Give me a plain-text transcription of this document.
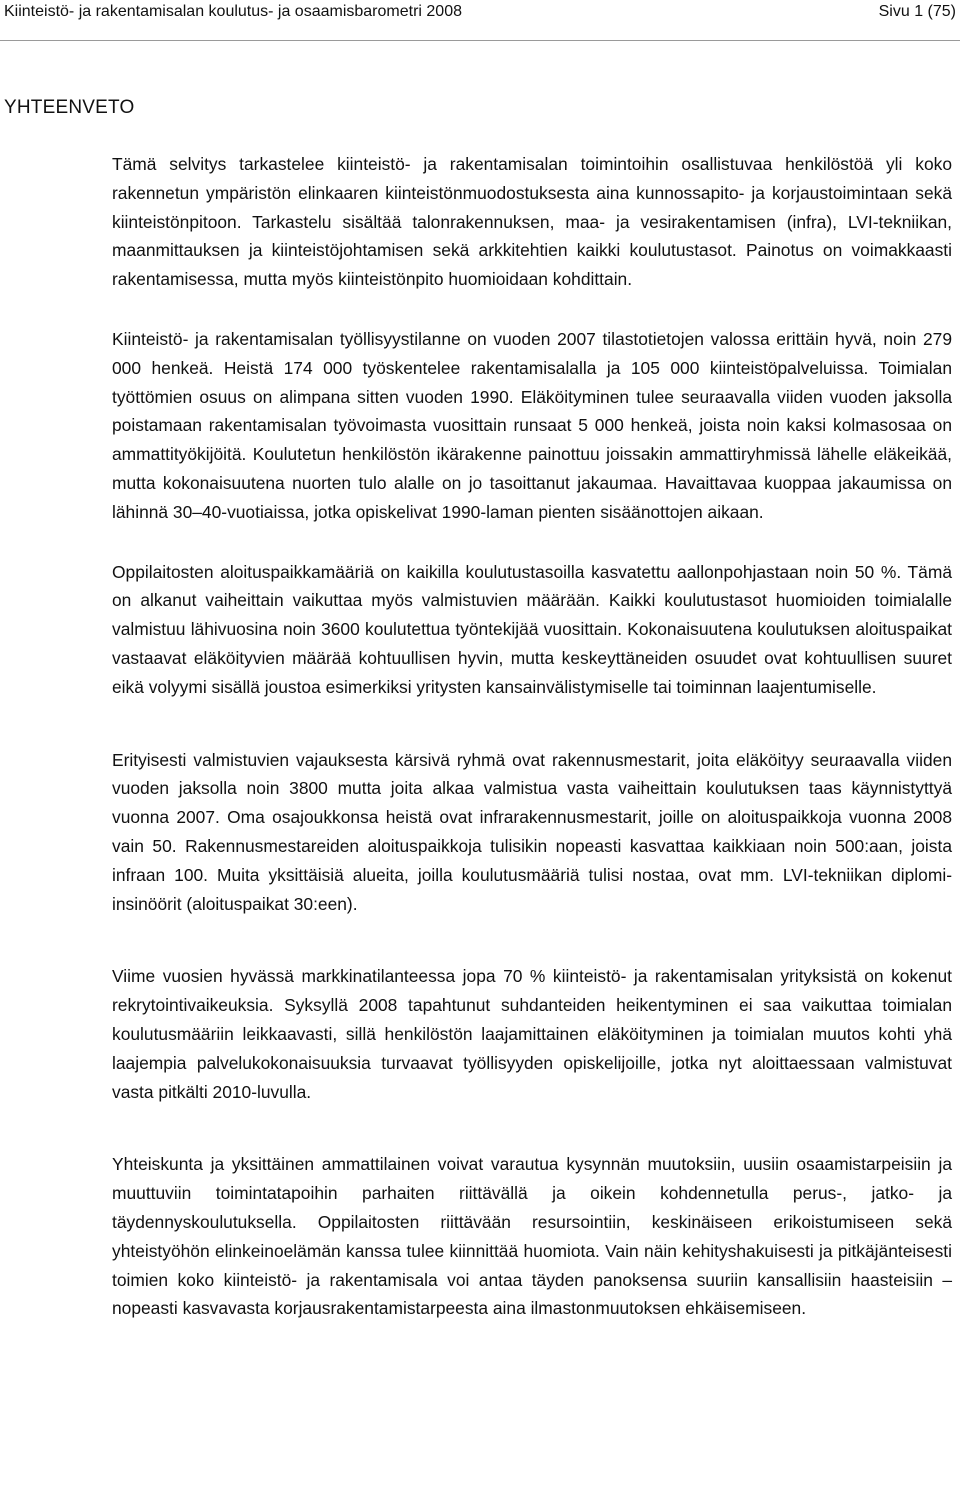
Kiinteistö- ja rakentamisalan koulutus- ja osaamisbarometri 2008	Sivu 1 (75)
YHTEENVETO

Tämä selvitys tarkastelee kiinteistö- ja rakentamisalan toimintoihin osallistuvaa henkilöstöä yli koko rakennetun ympäristön elinkaaren kiinteistönmuodostuksesta aina kunnossapito- ja korjaustoimintaan sekä kiinteistönpitoon. Tarkastelu sisältää talonrakennuksen, maa- ja vesirakentamisen (infra), LVI-tekniikan, maanmittauksen ja kiinteistöjohtamisen sekä arkkitehtien kaikki koulutustasot. Painotus on voimakkaasti rakentamisessa, mutta myös kiinteistönpito huomioidaan kohdittain.

Kiinteistö- ja rakentamisalan työllisyystilanne on vuoden 2007 tilastotietojen valossa erittäin hyvä, noin 279 000 henkeä. Heistä 174 000 työskentelee rakentamisalalla ja 105 000 kiinteistöpalveluissa. Toimialan työttömien osuus on alimpana sitten vuoden 1990. Eläköityminen tulee seuraavalla viiden vuoden jaksolla poistamaan rakentamisalan työvoimasta vuosittain runsaat 5 000 henkeä, joista noin kaksi kolmasosaa on ammattityökijöitä. Koulutetun henkilöstön ikärakenne painottuu joissakin ammattiryhmissä lähelle eläkeikää, mutta kokonaisuutena nuorten tulo alalle on jo tasoittanut jakaumaa. Havaittavaa kuoppaa jakaumissa on lähinnä 30–40-vuotiaissa, jotka opiskelivat 1990-laman pienten sisäänottojen aikaan.

Oppilaitosten aloituspaikkamääriä on kaikilla koulutustasoilla kasvatettu aallonpohjastaan noin 50 %. Tämä on alkanut vaiheittain vaikuttaa myös valmistuvien määrään. Kaikki koulutustasot huomioiden toimialalle valmistuu lähivuosina noin 3600 koulutettua työntekijää vuosittain. Kokonaisuutena koulutuksen aloituspaikat vastaavat eläköityvien määrää kohtuullisen hyvin, mutta keskeyttäneiden osuudet ovat kohtuullisen suuret eikä volyymi sisällä joustoa esimerkiksi yritysten kansainvälistymiselle tai toiminnan laajentumiselle.

Erityisesti valmistuvien vajauksesta kärsivä ryhmä ovat rakennusmestarit, joita eläköityy seuraavalla viiden vuoden jaksolla noin 3800 mutta joita alkaa valmistua vasta vaiheittain koulutuksen taas käynnistyttyä vuonna 2007. Oma osajoukkonsa heistä ovat infrarakennusmestarit, joille on aloituspaikkoja vuonna 2008 vain 50. Rakennusmestareiden aloituspaikkoja tulisikin nopeasti kasvattaa kaikkiaan noin 500:aan, joista infraan 100. Muita yksittäisiä alueita, joilla koulutusmääriä tulisi nostaa, ovat mm. LVI-tekniikan diplomi-insinöörit (aloituspaikat 30:een).

Viime vuosien hyvässä markkinatilanteessa jopa 70 % kiinteistö- ja rakentamisalan yrityksistä on kokenut rekrytointivaikeuksia. Syksyllä 2008 tapahtunut suhdanteiden heikentyminen ei saa vaikuttaa toimialan koulutusmääriin leikkaavasti, sillä henkilöstön laajamittainen eläköityminen ja toimialan muutos kohti yhä laajempia palvelukokonaisuuksia turvaavat työllisyyden opiskelijoille, jotka nyt aloittaessaan valmistuvat vasta pitkälti 2010-luvulla.

Yhteiskunta ja yksittäinen ammattilainen voivat varautua kysynnän muutoksiin, uusiin osaamistarpeisiin ja muuttuviin toimintatapoihin parhaiten riittävällä ja oikein kohdennetulla perus-, jatko- ja täydennyskoulutuksella. Oppilaitosten riittävään resursointiin, keskinäiseen erikoistumiseen sekä yhteistyöhön elinkeinoelämän kanssa tulee kiinnittää huomiota. Vain näin kehityshakuisesti ja pitkäjänteisesti toimien koko kiinteistö- ja rakentamisala voi antaa täyden panoksensa suuriin kansallisiin haasteisiin – nopeasti kasvavasta korjausrakentamistarpeesta aina ilmastonmuutoksen ehkäisemiseen.
